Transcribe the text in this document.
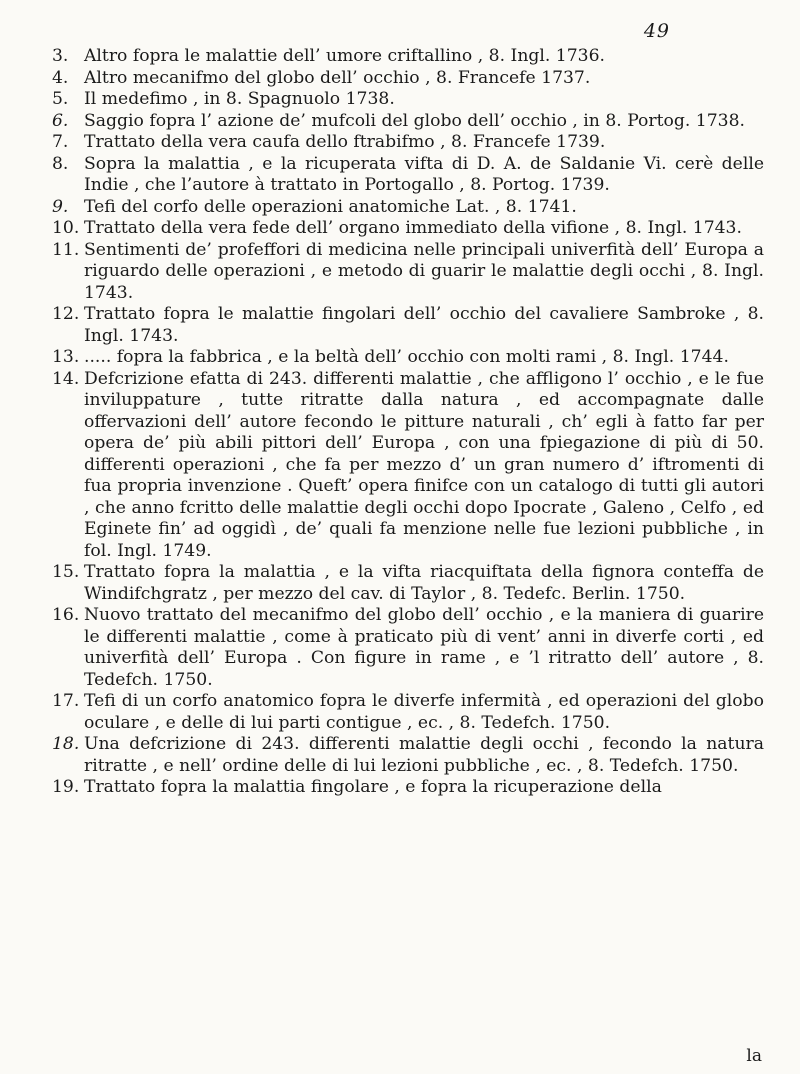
49
3. Altro fopra le malattie dell’ umore criftallino , 8. Ingl. 1736.
4. Altro mecanifmo del globo dell’ occhio , 8. Francefe 1737.
5. Il medefimo , in 8. Spagnuolo 1738.
6. Saggio fopra l’ azione de’ mufcoli del globo dell’ occhio , in 8. Portog. 1738.
7. Trattato della vera caufa dello ftrabifmo , 8. Francefe 1739.
8. Sopra la malattia , e la ricuperata vifta di D. A. de Saldanie Vi. cerè delle Indie , che l’autore à trattato in Portogallo , 8. Portog. 1739.
9. Tefi del corfo delle operazioni anatomiche Lat. , 8. 1741.
10. Trattato della vera fede dell’ organo immediato della vifione , 8. Ingl. 1743.
11. Sentimenti de’ profeffori di medicina nelle principali univerfità dell’ Europa a riguardo delle operazioni , e metodo di guarir le malattie degli occhi , 8. Ingl. 1743.
12. Trattato fopra le malattie fingolari dell’ occhio del cavaliere Sambroke , 8. Ingl. 1743.
13. ..... fopra la fabbrica , e la beltà dell’ occhio con molti rami , 8. Ingl. 1744.
14. Defcrizione efatta di 243. differenti malattie , che affligono l’ occhio , e le fue inviluppature , tutte ritratte dalla natura , ed accompagnate dalle offervazioni dell’ autore fecondo le pitture naturali , ch’ egli à fatto far per opera de’ più abili pittori dell’ Europa , con una fpiegazione di più di 50. differenti operazioni , che fa per mezzo d’ un gran numero d’ iftromenti di fua propria invenzione . Queft’ opera finifce con un catalogo di tutti gli autori , che anno fcritto delle malattie degli occhi dopo Ipocrate , Galeno , Celfo , ed Eginete fin’ ad oggidì , de’ quali fa menzione nelle fue lezioni pubbliche , in fol. Ingl. 1749.
15. Trattato fopra la malattia , e la vifta riacquiftata della fignora conteffa de Windifchgratz , per mezzo del cav. di Taylor , 8. Tedefc. Berlin. 1750.
16. Nuovo trattato del mecanifmo del globo dell’ occhio , e la maniera di guarire le differenti malattie , come à praticato più di vent’ anni in diverfe corti , ed univerfità dell’ Europa . Con figure in rame , e ’l ritratto dell’ autore , 8. Tedefch. 1750.
17. Tefi di un corfo anatomico fopra le diverfe infermità , ed operazioni del globo oculare , e delle di lui parti contigue , ec. , 8. Tedefch. 1750.
18. Una defcrizione di 243. differenti malattie degli occhi , fecondo la natura ritratte , e nell’ ordine delle di lui lezioni pubbliche , ec. , 8. Tedefch. 1750.
19. Trattato fopra la malattia fingolare , e fopra la ricuperazione della
la
